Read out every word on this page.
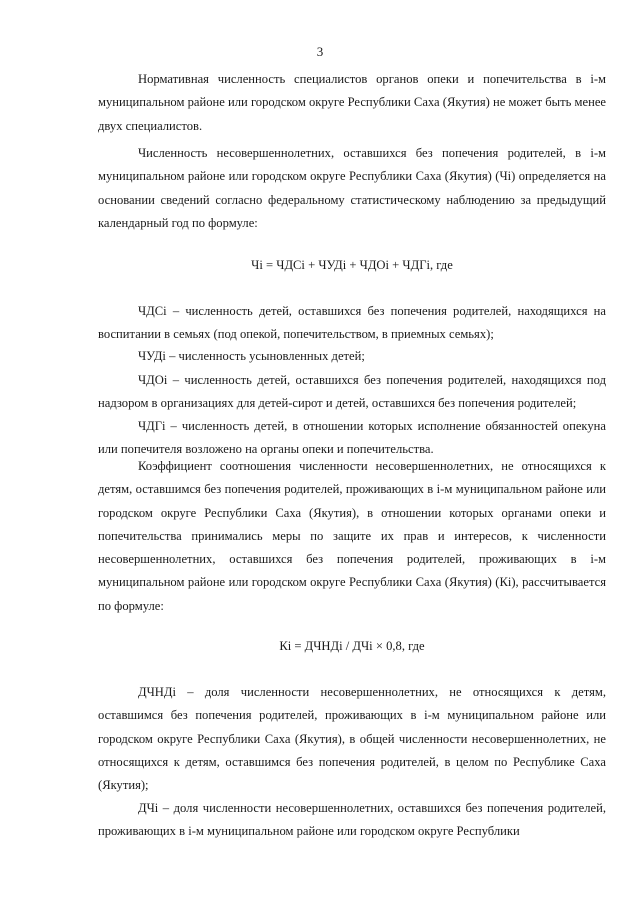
3

Нормативная численность специалистов органов опеки и попечительства в i-м муниципальном районе или городском округе Республики Саха (Якутия) не может быть менее двух специалистов.

Численность несовершеннолетних, оставшихся без попечения родителей, в i-м муниципальном районе или городском округе Республики Саха (Якутия) (Чi) определяется на основании сведений согласно федеральному статистическому наблюдению за предыдущий календарный год по формуле:

Чi = ЧДСi + ЧУДi + ЧДОi + ЧДГi, где

ЧДСi – численность детей, оставшихся без попечения родителей, находящихся на воспитании в семьях (под опекой, попечительством, в приемных семьях);

ЧУДi – численность усыновленных детей;

ЧДОi – численность детей, оставшихся без попечения родителей, находящихся под надзором в организациях для детей-сирот и детей, оставшихся без попечения родителей;

ЧДГi – численность детей, в отношении которых исполнение обязанностей опекуна или попечителя возложено на органы опеки и попечительства.

Коэффициент соотношения численности несовершеннолетних, не относящихся к детям, оставшимся без попечения родителей, проживающих в i-м муниципальном районе или городском округе Республики Саха (Якутия), в отношении которых органами опеки и попечительства принимались меры по защите их прав и интересов, к численности несовершеннолетних, оставшихся без попечения родителей, проживающих в i-м муниципальном районе или городском округе Республики Саха (Якутия) (Кi), рассчитывается по формуле:

Кi = ДЧНДi / ДЧi × 0,8, где

ДЧНДi – доля численности несовершеннолетних, не относящихся к детям, оставшимся без попечения родителей, проживающих в i-м муниципальном районе или городском округе Республики Саха (Якутия), в общей численности несовершеннолетних, не относящихся к детям, оставшимся без попечения родителей, в целом по Республике Саха (Якутия);

ДЧi – доля численности несовершеннолетних, оставшихся без попечения родителей, проживающих в i-м муниципальном районе или городском округе Республики
